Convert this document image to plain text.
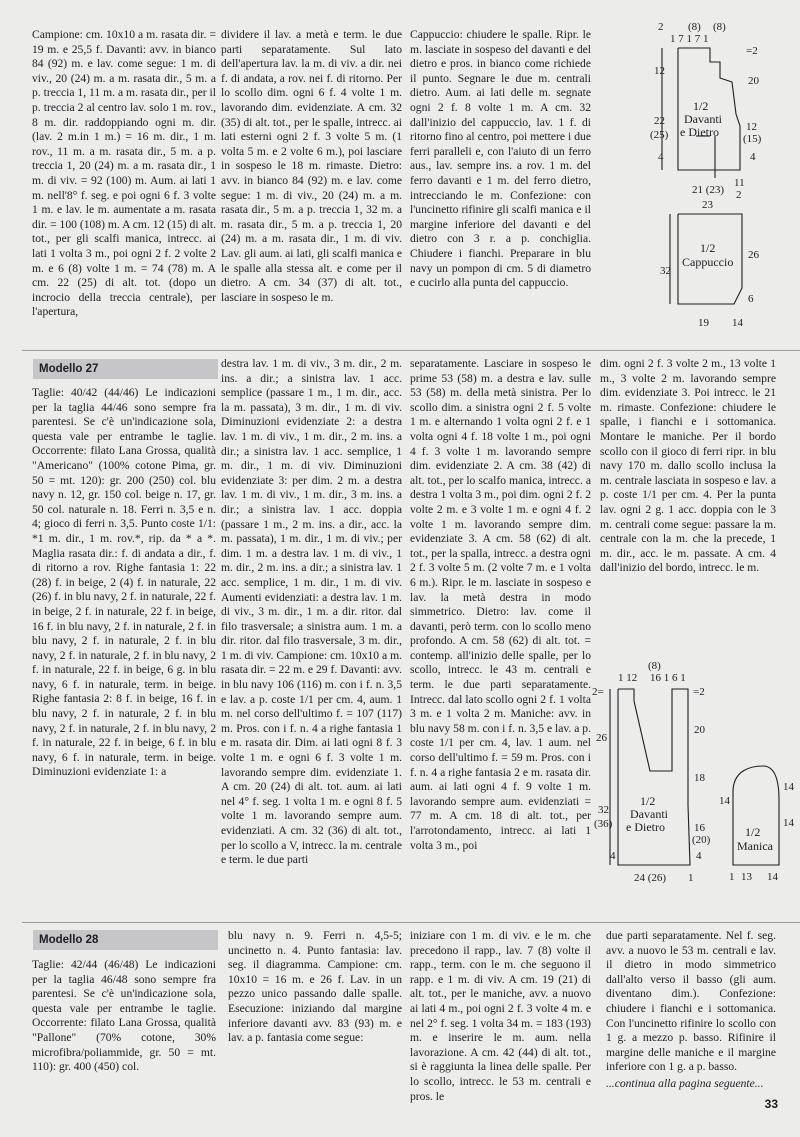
Campione: cm. 10x10 a m. rasata dir. = 19 m. e 25,5 f. Davanti: avv. in bianco 84 (92) m. e lav. come segue: 1 m. di viv., 20 (24) m. a m. rasata dir., 5 m. a p. treccia 1, 11 m. a m. rasata dir., per il p. treccia 2 al centro lav. solo 1 m. rov., 8 m. dir. raddoppiando ogni m. dir. (lav. 2 m.in 1 m.) = 16 m. dir., 1 m. rov., 11 m. a m. rasata dir., 5 m. a p. treccia 1, 20 (24) m. a m. rasata dir., 1 m. di viv. = 92 (100) m. Aum. ai lati 1 m. nell'8° f. seg. e poi ogni 6 f. 3 volte 1 m. e lav. le m. aumentate a m. rasata dir. = 100 (108) m. A cm. 12 (15) di alt. tot., per gli scalfi manica, intrecc. ai lati 1 volta 3 m., poi ogni 2 f. 2 volte 2 m. e 6 (8) volte 1 m. = 74 (78) m. A cm. 22 (25) di alt. tot. (dopo un incrocio della treccia centrale), per l'apertura,

dividere il lav. a metà e term. le due parti separatamente. Sul lato dell'apertura lav. la m. di viv. a dir. nei f. di andata, a rov. nei f. di ritorno. Per lo scollo dim. ogni 6 f. 4 volte 1 m. lavorando dim. evidenziate. A cm. 32 (35) di alt. tot., per le spalle, intrecc. ai lati esterni ogni 2 f. 3 volte 5 m. (1 volta 5 m. e 2 volte 6 m.), poi lasciare in sospeso le 18 m. rimaste. Dietro: avv. in bianco 84 (92) m. e lav. come segue: 1 m. di viv., 20 (24) m. a m. rasata dir., 5 m. a p. treccia 1, 32 m. a m. rasata dir., 5 m. a p. treccia 1, 20 (24) m. a m. rasata dir., 1 m. di viv. Lav. gli aum. ai lati, gli scalfi manica e le spalle alla stessa alt. e come per il dietro. A cm. 34 (37) di alt. tot., lasciare in sospeso le m.

Cappuccio: chiudere le spalle. Ripr. le m. lasciate in sospeso del davanti e del dietro e pros. in bianco come richiede il punto. Segnare le due m. centrali dietro. Aum. ai lati delle m. segnate ogni 2 f. 8 volte 1 m. A cm. 32 dall'inizio del cappuccio, lav. 1 f. di ritorno fino al centro, poi mettere i due ferri paralleli e, con l'aiuto di un ferro aus., lav. sempre ins. a rov. 1 m. del ferro davanti e 1 m. del ferro dietro, intrecciando le m. Confezione: con l'uncinetto rifinire gli scalfi manica e il margine inferiore del davanti e del dietro con 3 r. a p. conchiglia. Chiudere i fianchi. Preparare in blu navy un pompon di cm. 5 di diametro e cucirlo alla punta del cappuccio.

2 (8) (8)
1 7 1 7 1
=2
12
22
(25)
4
20
12
(15)
4
1/2
Davanti
e Dietro
21 (23)
11
2
23
32
26
6
1/2
Cappuccio
19 14
Modello 27

Taglie: 40/42 (44/46) Le indicazioni per la taglia 44/46 sono sempre fra parentesi. Se c'è un'indicazione sola, questa vale per entrambe le taglie. Occorrente: filato Lana Grossa, qualità "Americano" (100% cotone Pima, gr. 50 = mt. 120): gr. 200 (250) col. blu navy n. 12, gr. 150 col. beige n. 17, gr. 50 col. naturale n. 18. Ferri n. 3,5 e n. 4; gioco di ferri n. 3,5. Punto coste 1/1: *1 m. dir., 1 m. rov.*, rip. da * a *. Maglia rasata dir.: f. di andata a dir., f. di ritorno a rov. Righe fantasia 1: 22 (28) f. in beige, 2 (4) f. in naturale, 22 (26) f. in blu navy, 2 f. in naturale, 22 f. in beige, 2 f. in naturale, 22 f. in beige, 16 f. in blu navy, 2 f. in naturale, 2 f. in blu navy, 2 f. in naturale, 2 f. in blu navy, 2 f. in naturale, 2 f. in blu navy, 2 f. in naturale, 22 f. in beige, 6 g. in blu navy, 6 f. in naturale, term. in beige. Righe fantasia 2: 8 f. in beige, 16 f. in blu navy, 2 f. in naturale, 2 f. in blu navy, 2 f. in naturale, 2 f. in blu navy, 2 f. in naturale, 22 f. in beige, 6 f. in blu navy, 6 f. in naturale, term. in beige. Diminuzioni evidenziate 1: a

destra lav. 1 m. di viv., 3 m. dir., 2 m. ins. a dir.; a sinistra lav. 1 acc. semplice (passare 1 m., 1 m. dir., acc. la m. passata), 3 m. dir., 1 m. di viv. Diminuzioni evidenziate 2: a destra lav. 1 m. di viv., 1 m. dir., 2 m. ins. a dir.; a sinistra lav. 1 acc. semplice, 1 m. dir., 1 m. di viv. Diminuzioni evidenziate 3: per dim. 2 m. a destra lav. 1 m. di viv., 1 m. dir., 3 m. ins. a dir.; a sinistra lav. 1 acc. doppia (passare 1 m., 2 m. ins. a dir., acc. la m. passata), 1 m. dir., 1 m. di viv.; per dim. 1 m. a destra lav. 1 m. di viv., 1 m. dir., 2 m. ins. a dir.; a sinistra lav. 1 acc. semplice, 1 m. dir., 1 m. di viv. Aumenti evidenziati: a destra lav. 1 m. di viv., 3 m. dir., 1 m. a dir. ritor. dal filo trasversale; a sinistra aum. 1 m. a dir. ritor. dal filo trasversale, 3 m. dir., 1 m. di viv. Campione: cm. 10x10 a m. rasata dir. = 22 m. e 29 f. Davanti: avv. in blu navy 106 (116) m. con i f. n. 3,5 e lav. a p. coste 1/1 per cm. 4, aum. 1 m. nel corso dell'ultimo f. = 107 (117) m. Pros. con i f. n. 4 a righe fantasia 1 e m. rasata dir. Dim. ai lati ogni 8 f. 3 volte 1 m. e ogni 6 f. 3 volte 1 m. lavorando sempre dim. evidenziate 1. A cm. 20 (24) di alt. tot. aum. ai lati nel 4° f. seg. 1 volta 1 m. e ogni 8 f. 5 volte 1 m. lavorando sempre aum. evidenziati. A cm. 32 (36) di alt. tot., per lo scollo a V, intrecc. la m. centrale e term. le due parti

separatamente. Lasciare in sospeso le prime 53 (58) m. a destra e lav. sulle 53 (58) m. della metà sinistra. Per lo scollo dim. a sinistra ogni 2 f. 5 volte 1 m. e alternando 1 volta ogni 2 f. e 1 volta ogni 4 f. 18 volte 1 m., poi ogni 4 f. 3 volte 1 m. lavorando sempre dim. evidenziate 2. A cm. 38 (42) di alt. tot., per lo scalfo manica, intrecc. a destra 1 volta 3 m., poi dim. ogni 2 f. 2 volte 2 m. e 3 volte 1 m. e ogni 4 f. 2 volte 1 m. lavorando sempre dim. evidenziate 3. A cm. 58 (62) di alt. tot., per la spalla, intrecc. a destra ogni 2 f. 3 volte 5 m. (2 volte 7 m. e 1 volta 6 m.). Ripr. le m. lasciate in sospeso e lav. la metà destra in modo simmetrico. Dietro: lav. come il davanti, però term. con lo scollo meno profondo. A cm. 58 (62) di alt. tot. = contemp. all'inizio delle spalle, per lo scollo, intrecc. le 43 m. centrali e term. le due parti separatamente. Intrecc. dal lato scollo ogni 2 f. 1 volta 3 m. e 1 volta 2 m. Maniche: avv. in blu navy 58 m. con i f. n. 3,5 e lav. a p. coste 1/1 per cm. 4, lav. 1 aum. nel corso dell'ultimo f. = 59 m. Pros. con i f. n. 4 a righe fantasia 2 e m. rasata dir. aum. ai lati ogni 4 f. 9 volte 1 m. lavorando sempre aum. evidenziati = 77 m. A cm. 18 di alt. tot., per l'arrotondamento, intrecc. ai lati 1 volta 3 m., poi

dim. ogni 2 f. 3 volte 2 m., 13 volte 1 m., 3 volte 2 m. lavorando sempre dim. evidenziate 3. Poi intrecc. le 21 m. rimaste. Confezione: chiudere le spalle, i fianchi e i sottomanica. Montare le maniche. Per il bordo scollo con il gioco di ferri ripr. in blu navy 170 m. dallo scollo inclusa la m. centrale lasciata in sospeso e lav. a p. coste 1/1 per cm. 4. Per la punta lav. ogni 2 g. 1 acc. doppia con le 3 m. centrali come segue: passare la m. centrale con la m. che la precede, 1 m. dir., acc. le m. passate. A cm. 4 dall'inizio del bordo, intrecc. le m.

(8)
1 12 16 1 6 1
2=	=2
26
32
(36)
4
20
18
16
(20)
4
1/2
Davanti
e Dietro
24 (26) 1
14
14
14
1/2
Manica
1 13 14
Modello 28

Taglie: 42/44 (46/48) Le indicazioni per la taglia 46/48 sono sempre fra parentesi. Se c'è un'indicazione sola, questa vale per entrambe le taglie. Occorrente: filato Lana Grossa, qualità "Pallone" (70% cotone, 30% microfibra/poliammide, gr. 50 = mt. 110): gr. 400 (450) col.

blu navy n. 9. Ferri n. 4,5-5; uncinetto n. 4. Punto fantasia: lav. seg. il diagramma. Campione: cm. 10x10 = 16 m. e 26 f. Lav. in un pezzo unico passando dalle spalle. Esecuzione: iniziando dal margine inferiore davanti avv. 83 (93) m. e lav. a p. fantasia come segue:

iniziare con 1 m. di viv. e le m. che precedono il rapp., lav. 7 (8) volte il rapp., term. con le m. che seguono il rapp. e 1 m. di viv. A cm. 19 (21) di alt. tot., per le maniche, avv. a nuovo ai lati 4 m., poi ogni 2 f. 3 volte 4 m. e nel 2° f. seg. 1 volta 34 m. = 183 (193) m. e inserire le m. aum. nella lavorazione. A cm. 42 (44) di alt. tot., si è raggiunta la linea delle spalle. Per lo scollo, intrecc. le 53 m. centrali e pros. le

due parti separatamente. Nel f. seg. avv. a nuovo le 53 m. centrali e lav. il dietro in modo simmetrico dall'alto verso il basso (gli aum. diventano dim.). Confezione: chiudere i fianchi e i sottomanica. Con l'uncinetto rifinire lo scollo con 1 g. a mezzo p. basso. Rifinire il margine delle maniche e il margine inferiore con 1 g. a p. basso.

...continua alla pagina seguente...

33
